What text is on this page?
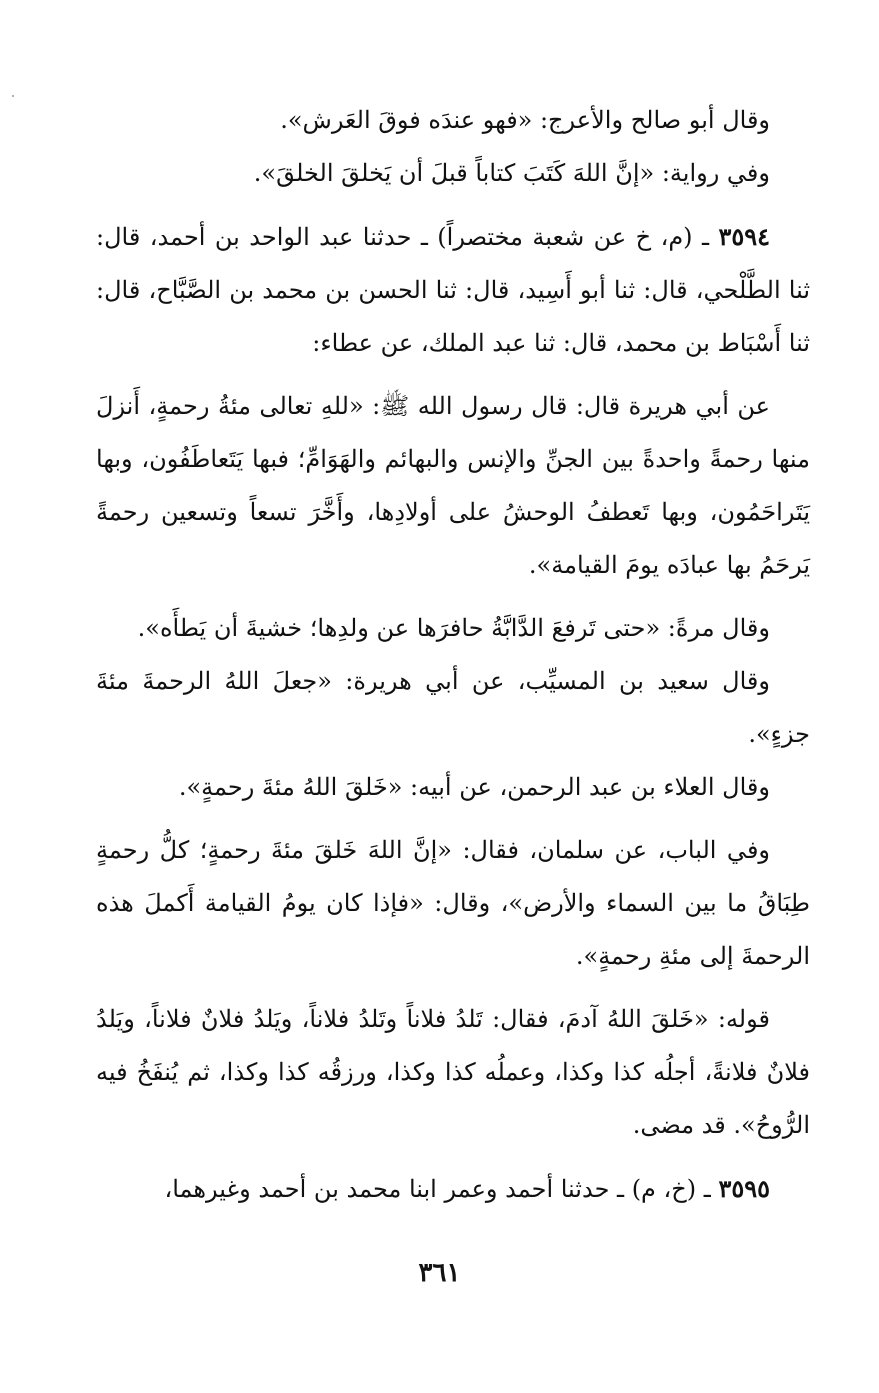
وقال أبو صالح والأعرج: «فهو عندَه فوقَ العَرش».

وفي رواية: «إنَّ اللهَ كَتَبَ كتاباً قبلَ أن يَخلقَ الخلقَ».

٣٥٩٤ ـ (م، خ عن شعبة مختصراً) ـ حدثنا عبد الواحد بن أحمد، قال: ثنا الطَّلْحي، قال: ثنا أبو أَسِيد، قال: ثنا الحسن بن محمد بن الصَّبَّاح، قال: ثنا أَسْبَاط بن محمد، قال: ثنا عبد الملك، عن عطاء:

عن أبي هريرة قال: قال رسول الله ﷺ: «للهِ تعالى مئةُ رحمةٍ، أَنزلَ منها رحمةً واحدةً بين الجنِّ والإنس والبهائم والهَوَامِّ؛ فبها يَتَعاطَفُون، وبها يَتَراحَمُون، وبها تَعطفُ الوحشُ على أولادِها، وأَخَّرَ تسعاً وتسعين رحمةً يَرحَمُ بها عبادَه يومَ القيامة».

وقال مرةً: «حتى تَرفعَ الدَّابَّةُ حافرَها عن ولدِها؛ خشيةَ أن يَطأَه».

وقال سعيد بن المسيِّب، عن أبي هريرة: «جعلَ اللهُ الرحمةَ مئةَ جزءٍ».

وقال العلاء بن عبد الرحمن، عن أبيه: «خَلقَ اللهُ مئةَ رحمةٍ».

وفي الباب، عن سلمان، فقال: «إنَّ اللهَ خَلقَ مئةَ رحمةٍ؛ كلُّ رحمةٍ طِبَاقُ ما بين السماء والأرض»، وقال: «فإذا كان يومُ القيامة أَكملَ هذه الرحمةَ إلى مئةِ رحمةٍ».

قوله: «خَلقَ اللهُ آدمَ، فقال: تَلدُ فلاناً وتَلدُ فلاناً، ويَلدُ فلانٌ فلاناً، ويَلدُ فلانٌ فلانةً، أجلُه كذا وكذا، وعملُه كذا وكذا، ورزقُه كذا وكذا، ثم يُنفَخُ فيه الرُّوحُ». قد مضى.

٣٥٩٥ ـ (خ، م) ـ حدثنا أحمد وعمر ابنا محمد بن أحمد وغيرهما،

٣٦١
